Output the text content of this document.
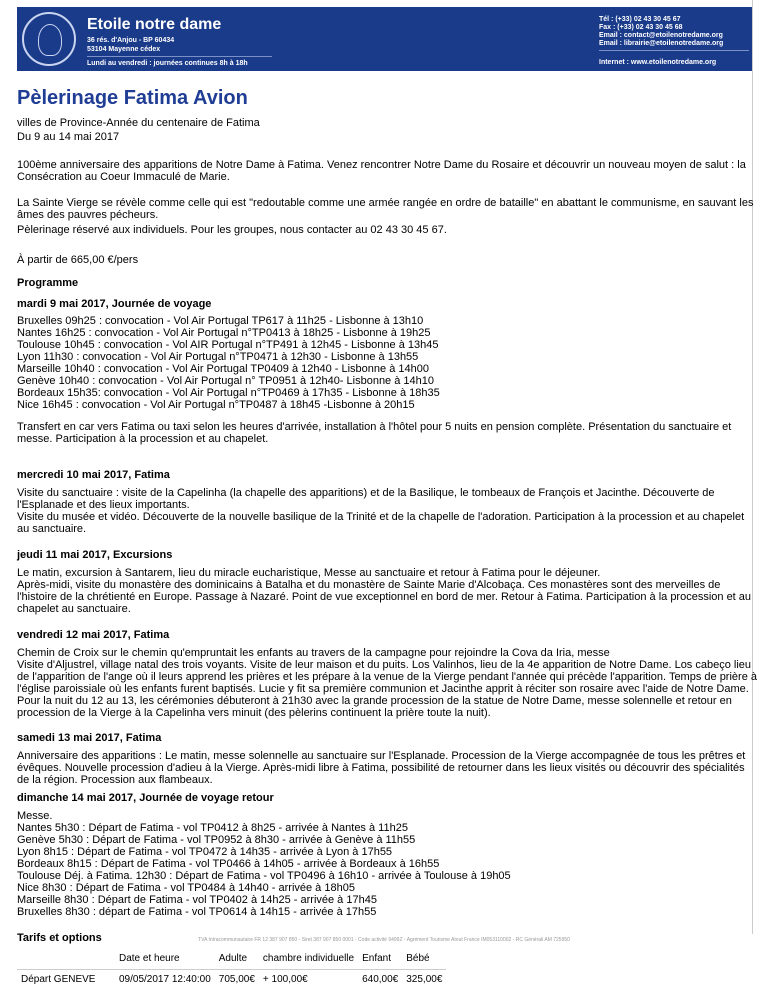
Etoile notre dame
36 rés. d'Anjou - BP 60434
53104 Mayenne cédex
Lundi au vendredi : journées continues 8h à 18h
Tél : (+33) 02 43 30 45 67
Fax : (+33) 02 43 30 45 68
Email : contact@etoilenotredame.org
Email : librairie@etoilenotredame.org
Internet : www.etoilenotredame.org
Pèlerinage Fatima Avion
villes de Province-Année du centenaire de Fatima
Du 9 au 14 mai 2017

100ème anniversaire des apparitions de Notre Dame à Fatima. Venez rencontrer Notre Dame du Rosaire et découvrir un nouveau moyen de salut : la Consécration au Coeur Immaculé de Marie.

La Sainte Vierge se révèle comme celle qui est "redoutable comme une armée rangée en ordre de bataille" en abattant le communisme, en sauvant les âmes des pauvres pécheurs.

Pèlerinage réservé aux individuels. Pour les groupes, nous contacter au 02 43 30 45 67.

À partir de 665,00 €/pers

Programme

mardi 9 mai 2017, Journée de voyage
Bruxelles 09h25 : convocation - Vol Air Portugal TP617 à 11h25 - Lisbonne à 13h10
Nantes 16h25 : convocation - Vol Air Portugal n°TP0413 à 18h25 - Lisbonne à 19h25
Toulouse 10h45 : convocation - Vol AIR Portugal n°TP491 à 12h45 - Lisbonne à 13h45
Lyon 11h30 : convocation - Vol Air Portugal n°TP0471 à 12h30 - Lisbonne à 13h55
Marseille 10h40 : convocation - Vol Air Portugal TP0409 à 12h40 - Lisbonne à 14h00
Genève 10h40 : convocation - Vol Air Portugal n° TP0951 à 12h40- Lisbonne à 14h10
Bordeaux 15h35: convocation - Vol Air Portugal n°TP0469 à 17h35 - Lisbonne à 18h35
Nice 16h45 : convocation - Vol Air Portugal n°TP0487 à 18h45 -Lisbonne à 20h15
Transfert en car vers Fatima ou taxi selon les heures d'arrivée, installation à l'hôtel pour 5 nuits en pension complète. Présentation du sanctuaire et messe. Participation à la procession et au chapelet.
mercredi 10 mai 2017, Fatima
Visite du sanctuaire : visite de la Capelinha (la chapelle des apparitions) et de la Basilique, le tombeaux de François et Jacinthe. Découverte de l'Esplanade et des lieux importants.
Visite du musée et vidéo. Découverte de la nouvelle basilique de la Trinité et de la chapelle de l'adoration. Participation à la procession et au chapelet au sanctuaire.
jeudi 11 mai 2017, Excursions
Le matin, excursion à Santarem, lieu du miracle eucharistique, Messe au sanctuaire et retour à Fatima pour le déjeuner.
Après-midi, visite du monastère des dominicains à Batalha et du monastère de Sainte Marie d'Alcobaça. Ces monastères sont des merveilles de l'histoire de la chrétienté en Europe. Passage à Nazaré. Point de vue exceptionnel en bord de mer. Retour à Fatima. Participation à la procession et au chapelet au sanctuaire.
vendredi 12 mai 2017, Fatima
Chemin de Croix sur le chemin qu'empruntait les enfants au travers de la campagne pour rejoindre la Cova da Iria, messe
Visite d'Aljustrel, village natal des trois voyants. Visite de leur maison et du puits. Los Valinhos, lieu de la 4e apparition de Notre Dame. Los cabeço lieu de l'apparition de l'ange où il leurs apprend les prières et les prépare à la venue de la Vierge pendant l'année qui précède l'apparition. Temps de prière à l'église paroissiale où les enfants furent baptisés. Lucie y fit sa première communion et Jacinthe apprit à réciter son rosaire avec l'aide de Notre Dame.
Pour la nuit du 12 au 13, les cérémonies débuteront à 21h30 avec la grande procession de la statue de Notre Dame, messe solennelle et retour en procession de la Vierge à la Capelinha vers minuit (des pèlerins continuent la prière toute la nuit).
samedi 13 mai 2017, Fatima
Anniversaire des apparitions : Le matin, messe solennelle au sanctuaire sur l'Esplanade. Procession de la Vierge accompagnée de tous les prêtres et évêques. Nouvelle procession d'adieu à la Vierge. Après-midi libre à Fatima, possibilité de retourner dans les lieux visités ou découvrir des spécialités de la région. Procession aux flambeaux.
dimanche 14 mai 2017, Journée de voyage retour
Messe.
Nantes 5h30 : Départ de Fatima - vol TP0412 à 8h25 - arrivée à Nantes à 11h25
Genève 5h30 : Départ de Fatima - vol TP0952 à 8h30 - arrivée à Genève à 11h55
Lyon 8h15 : Départ de Fatima - vol TP0472 à 14h35 - arrivée à Lyon à 17h55
Bordeaux 8h15 : Départ de Fatima - vol TP0466 à 14h05 - arrivée à Bordeaux à 16h55
Toulouse Déj. à Fatima. 12h30 : Départ de Fatima - vol TP0496 à 16h10 - arrivée à Toulouse à 19h05
Nice 8h30 : Départ de Fatima - vol TP0484 à 14h40 - arrivée à 18h05
Marseille 8h30 : Départ de Fatima - vol TP0402 à 14h25 - arrivée à 17h45
Bruxelles 8h30 : départ de Fatima - vol TP0614 à 14h15 - arrivée à 17h55
Tarifs et options
	Date et heure	Adulte	chambre individuelle	Enfant	Bébé
Départ GENEVE	09/05/2017 12:40:00	705,00€	+ 100,00€	640,00€	325,00€
TVA Intracommunautaire FR 12 387 907 850 - Siret 387 907 850 0001 - Code activité 9499Z - Agrément Tourisme Atout France IM053110002 - RC Générali AM 725950
